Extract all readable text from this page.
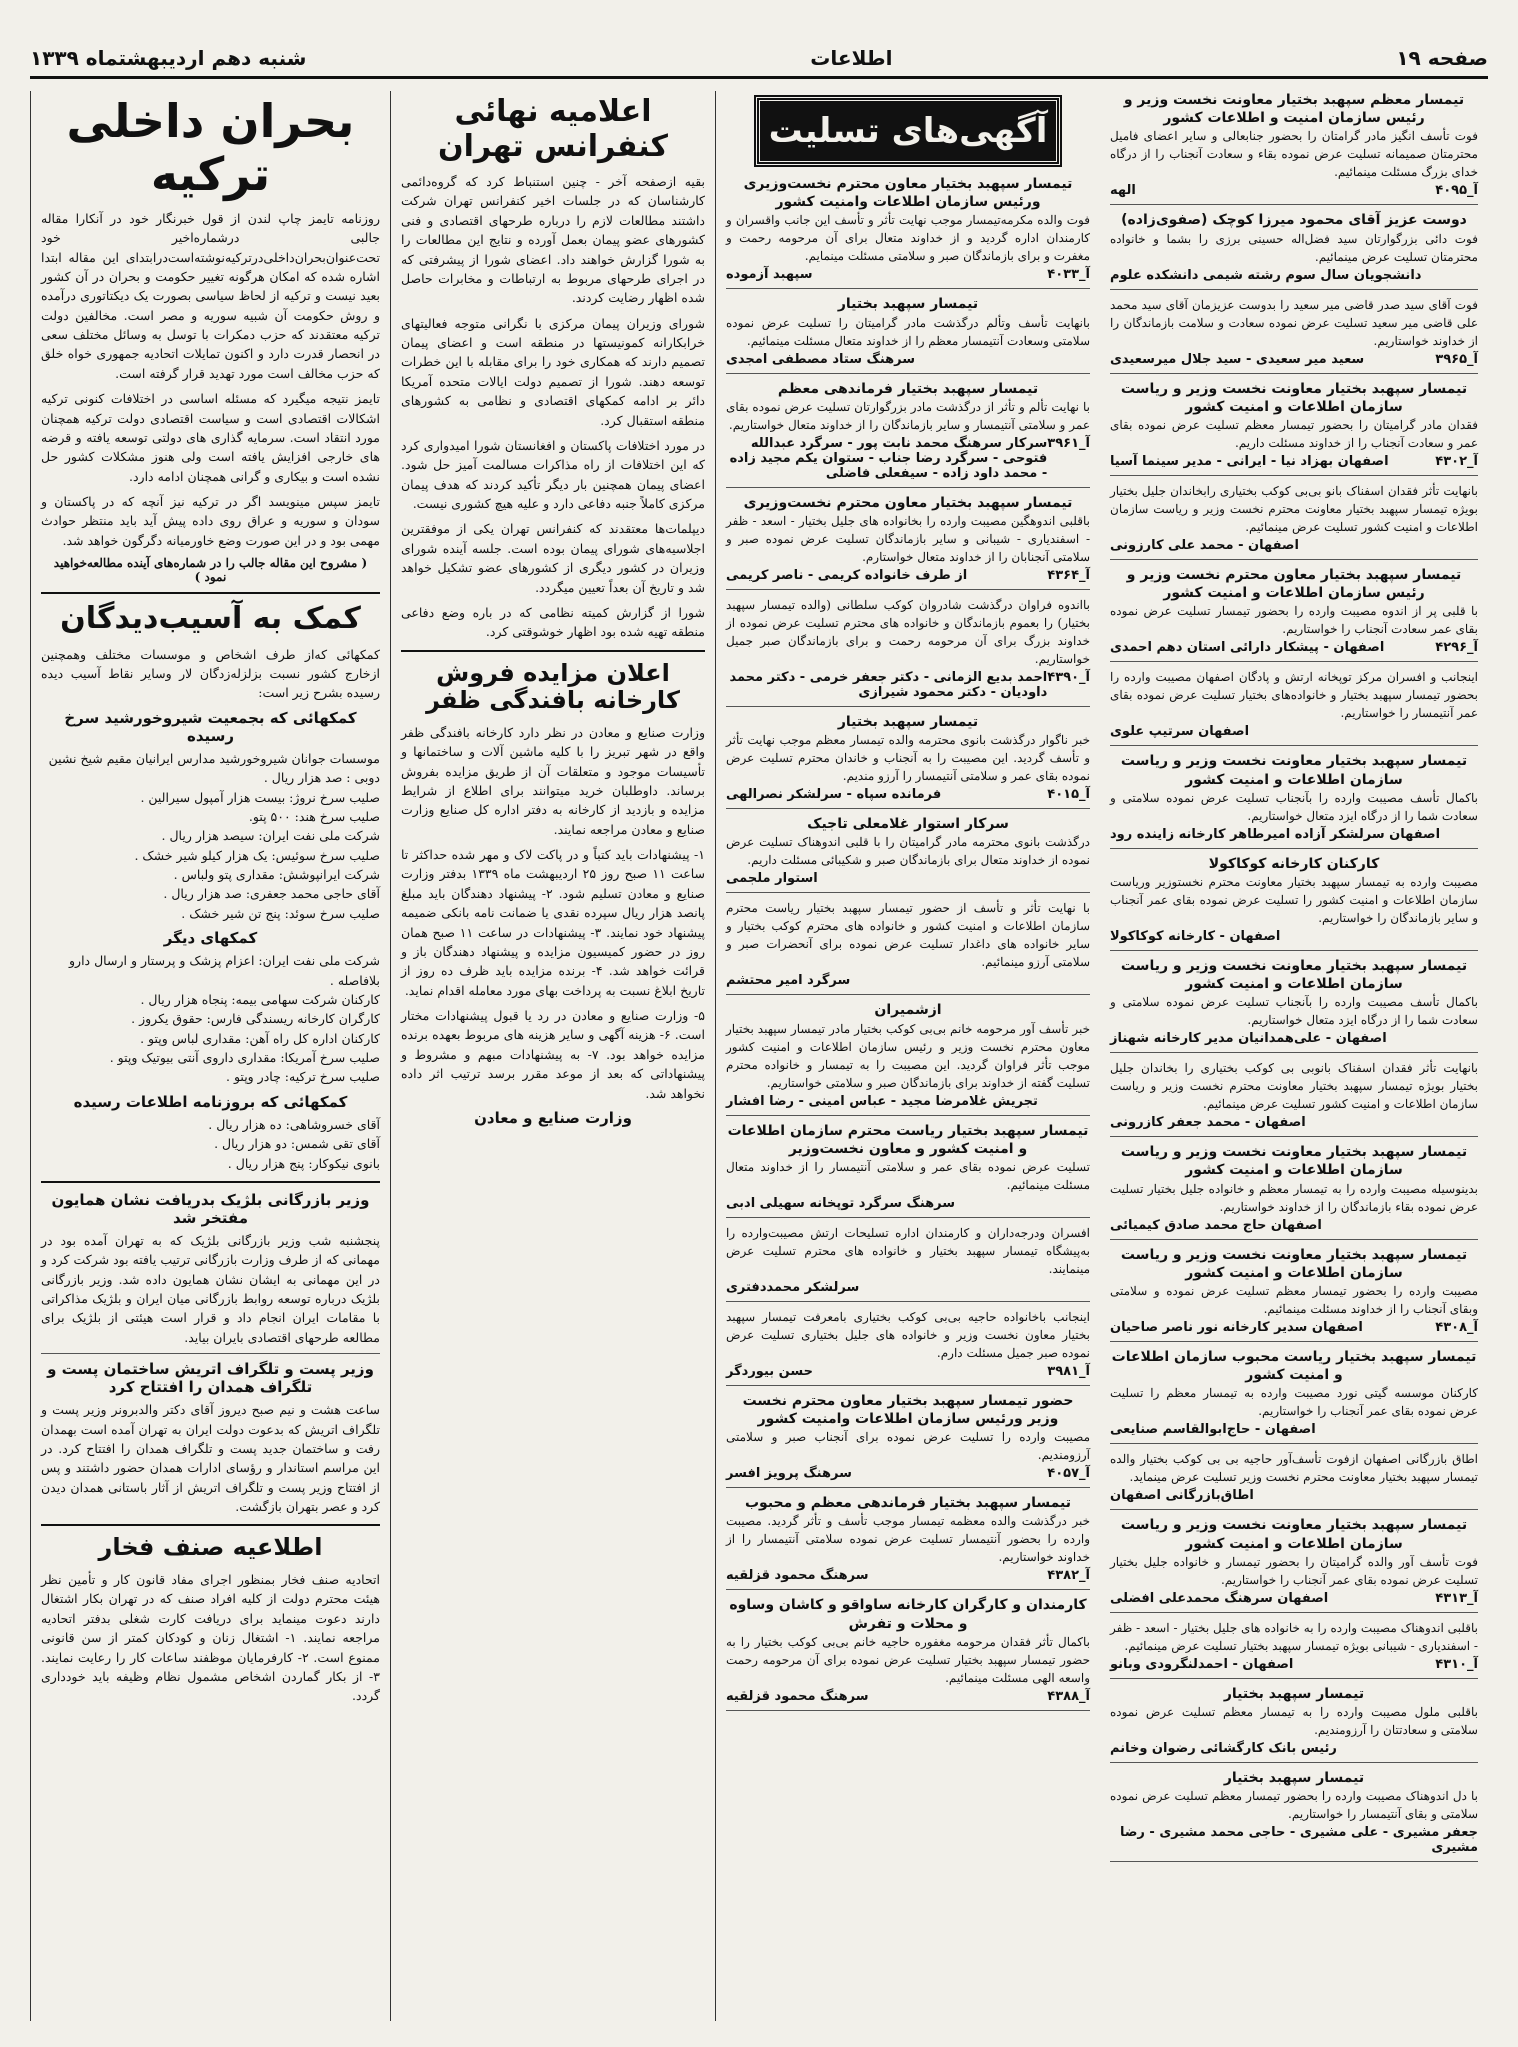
صفحه ۱۹
اطلاعات
شنبه دهم اردیبهشتماه ۱۳۳۹
بحران داخلی ترکیه

روزنامه تایمز چاپ لندن از قول خبرنگار خود در آنکارا مقاله جالبی درشماره‌اخیر خود تحت‌عنوان‌بحران‌داخلی‌درترکیه‌نوشته‌است‌درابتدای این مقاله ابتدا اشاره شده که امکان هرگونه تغییر حکومت و بحران در آن کشور بعید نیست و ترکیه از لحاظ سیاسی بصورت یک دیکتاتوری درآمده و روش حکومت آن شبیه سوریه و مصر است. مخالفین دولت ترکیه معتقدند که حزب دمکرات با توسل به وسائل مختلف سعی در انحصار قدرت دارد و اکنون تمایلات اتحادیه جمهوری خواه خلق که حزب مخالف است مورد تهدید قرار گرفته است.

تایمز نتیجه میگیرد که مسئله اساسی در اختلافات کنونی ترکیه اشکالات اقتصادی است و سیاست اقتصادی دولت ترکیه همچنان مورد انتقاد است. سرمایه گذاری های دولتی توسعه یافته و قرضه های خارجی افزایش یافته است ولی هنوز مشکلات کشور حل نشده است و بیکاری و گرانی همچنان ادامه دارد.

تایمز سپس مینویسد اگر در ترکیه نیز آنچه که در پاکستان و سودان و سوریه و عراق روی داده پیش آید باید منتظر حوادث مهمی بود و در این صورت وضع خاورمیانه دگرگون خواهد شد.

( مشروح این مقاله جالب را در شماره‌های آینده مطالعه‌خواهید نمود )
کمک به آسیب‌دیدگان

کمکهائی که‌از طرف اشخاص و موسسات مختلف وهمچنین ازخارج کشور نسبت بزلزله‌زدگان لار وسایر نقاط آسیب دیده رسیده بشرح زیر است:

کمکهائی که بجمعیت شیروخورشید سرخ رسیده
موسسات جوانان شیروخورشید مدارس ایرانیان مقیم شیخ نشین دوبی : صد هزار ریال .
صلیب سرخ نروژ: بیست هزار آمپول سیرالین .
صلیب سرخ هند: ۵۰۰ پتو.
شرکت ملی نفت ایران: سیصد هزار ریال .
صلیب سرخ سوئیس: یک هزار کیلو شیر خشک .
شرکت ایرانپوشش: مقداری پتو ولباس .
آقای حاجی محمد جعفری: صد هزار ریال .
صلیب سرخ سوئد: پنج تن شیر خشک .
کمکهای دیگر
شرکت ملی نفت ایران: اعزام پزشک و پرستار و ارسال دارو بلافاصله .
کارکنان شرکت سهامی بیمه: پنجاه هزار ریال .
کارگران کارخانه ریسندگی فارس: حقوق یکروز .
کارکنان اداره کل راه آهن: مقداری لباس وپتو .
صلیب سرخ آمریکا: مقداری داروی آنتی بیوتیک وپتو .
صلیب سرخ ترکیه: چادر وپتو .
کمکهائی که بروزنامه اطلاعات رسیده
آقای خسروشاهی: ده هزار ریال .
آقای تقی شمس: دو هزار ریال .
بانوی نیکوکار: پنج هزار ریال .
وزیر بازرگانی بلژیک بدریافت نشان همایون مفتخر شد

پنجشنبه شب وزیر بازرگانی بلژیک که به تهران آمده بود در مهمانی که از طرف وزارت بازرگانی ترتیب یافته بود شرکت کرد و در این مهمانی به ایشان نشان همایون داده شد. وزیر بازرگانی بلژیک درباره توسعه روابط بازرگانی میان ایران و بلژیک مذاکراتی با مقامات ایران انجام داد و قرار است هیئتی از بلژیک برای مطالعه طرحهای اقتصادی بایران بیاید.

وزیر پست و تلگراف اتریش ساختمان پست و تلگراف همدان را افتتاح کرد

ساعت هشت و نیم صبح دیروز آقای دکتر والدبرونر وزیر پست و تلگراف اتریش که بدعوت دولت ایران به تهران آمده است بهمدان رفت و ساختمان جدید پست و تلگراف همدان را افتتاح کرد. در این مراسم استاندار و رؤسای ادارات همدان حضور داشتند و پس از افتتاح وزیر پست و تلگراف اتریش از آثار باستانی همدان دیدن کرد و عصر بتهران بازگشت.

اطلاعیه صنف فخار

اتحادیه صنف فخار بمنظور اجرای مفاد قانون کار و تأمین نظر هیئت محترم دولت از کلیه افراد صنف که در تهران بکار اشتغال دارند دعوت مینماید برای دریافت کارت شغلی بدفتر اتحادیه مراجعه نمایند. ۱- اشتغال زنان و کودکان کمتر از سن قانونی ممنوع است. ۲- کارفرمایان موظفند ساعات کار را رعایت نمایند. ۳- از بکار گماردن اشخاص مشمول نظام وظیفه باید خودداری گردد.

اعلامیه نهائی کنفرانس تهران

بقیه ازصفحه آخر - چنین استنباط کرد که گروه‌دائمی کارشناسان که در جلسات اخیر کنفرانس تهران شرکت داشتند مطالعات لازم را درباره طرحهای اقتصادی و فنی کشورهای عضو پیمان بعمل آورده و نتایج این مطالعات را به شورا گزارش خواهند داد. اعضای شورا از پیشرفتی که در اجرای طرحهای مربوط به ارتباطات و مخابرات حاصل شده اظهار رضایت کردند.

شورای وزیران پیمان مرکزی با نگرانی متوجه فعالیتهای خرابکارانه کمونیستها در منطقه است و اعضای پیمان تصمیم دارند که همکاری خود را برای مقابله با این خطرات توسعه دهند. شورا از تصمیم دولت ایالات متحده آمریکا دائر بر ادامه کمکهای اقتصادی و نظامی به کشورهای منطقه استقبال کرد.

در مورد اختلافات پاکستان و افغانستان شورا امیدواری کرد که این اختلافات از راه مذاکرات مسالمت آمیز حل شود. اعضای پیمان همچنین بار دیگر تأکید کردند که هدف پیمان مرکزی کاملاً جنبه دفاعی دارد و علیه هیچ کشوری نیست.

دیپلمات‌ها معتقدند که کنفرانس تهران یکی از موفقترین اجلاسیه‌های شورای پیمان بوده است. جلسه آینده شورای وزیران در کشور دیگری از کشورهای عضو تشکیل خواهد شد و تاریخ آن بعداً تعیین میگردد.

شورا از گزارش کمیته نظامی که در باره وضع دفاعی منطقه تهیه شده بود اظهار خوشوقتی کرد.

اعلان مزایده فروش کارخانه بافندگی ظفر

وزارت صنایع و معادن در نظر دارد کارخانه بافندگی ظفر واقع در شهر تبریز را با کلیه ماشین آلات و ساختمانها و تأسیسات موجود و متعلقات آن از طریق مزایده بفروش برساند. داوطلبان خرید میتوانند برای اطلاع از شرایط مزایده و بازدید از کارخانه به دفتر اداره کل صنایع وزارت صنایع و معادن مراجعه نمایند.

۱- پیشنهادات باید کتباً و در پاکت لاک و مهر شده حداکثر تا ساعت ۱۱ صبح روز ۲۵ اردیبهشت ماه ۱۳۳۹ بدفتر وزارت صنایع و معادن تسلیم شود. ۲- پیشنهاد دهندگان باید مبلغ پانصد هزار ریال سپرده نقدی یا ضمانت نامه بانکی ضمیمه پیشنهاد خود نمایند. ۳- پیشنهادات در ساعت ۱۱ صبح همان روز در حضور کمیسیون مزایده و پیشنهاد دهندگان باز و قرائت خواهد شد. ۴- برنده مزایده باید ظرف ده روز از تاریخ ابلاغ نسبت به پرداخت بهای مورد معامله اقدام نماید.

۵- وزارت صنایع و معادن در رد یا قبول پیشنهادات مختار است. ۶- هزینه آگهی و سایر هزینه های مربوط بعهده برنده مزایده خواهد بود. ۷- به پیشنهادات مبهم و مشروط و پیشنهاداتی که بعد از موعد مقرر برسد ترتیب اثر داده نخواهد شد.

وزارت صنایع و معادن
آگهی‌های تسلیت
تیمسار سپهبد بختیار معاون محترم نخست‌وزیری ورئیس سازمان اطلاعات وامنیت کشور
فوت والده مکرمه‌تیمسار موجب نهایت تأثر و تأسف این جانب واقسران و کارمندان اداره گردید و از خداوند متعال برای آن مرحومه رحمت و مغفرت و برای بازماندگان صبر و سلامتی مسئلت مینمایم.
آ_۴۰۳۳
سپهبد آزموده
تیمسار سپهبد بختیار
بانهایت تأسف وتألم درگذشت مادر گرامیتان را تسلیت عرض نموده سلامتی وسعادت آنتیمسار معظم را از خداوند متعال مسئلت مینمائیم.
سرهنگ ستاد مصطفی امجدی
تیمسار سپهبد بختیار فرماندهی معظم
با نهایت تألم و تأثر از درگذشت مادر بزرگوارتان تسلیت عرض نموده بقای عمر و سلامتی آنتیمسار و سایر بازماندگان را از خداوند متعال خواستاریم.
آ_۳۹۶۱
سرکار سرهنگ محمد نابت پور - سرگرد عبدالله فتوحی - سرگرد رضا جناب - ستوان یکم مجید زاده - محمد داود زاده - سیفعلی فاضلی
تیمسار سپهبد بختیار معاون محترم نخست‌وزیری
باقلبی اندوهگین مصیبت وارده را بخانواده های جلیل بختیار - اسعد - ظفر - اسفندیاری - شیبانی و سایر بازماندگان تسلیت عرض نموده صبر و سلامتی آنجنابان را از خداوند متعال خواستارم.
آ_۴۳۶۴
از طرف خانواده کریمی - ناصر کریمی
بااندوه فراوان درگذشت شادروان کوکب سلطانی (والده تیمسار سپهبد بختیار) را بعموم بازماندگان و خانواده های محترم تسلیت عرض نموده از خداوند بزرگ برای آن مرحومه رحمت و برای بازماندگان صبر جمیل خواستاریم.
آ_۴۳۹۰
احمد بدیع الزمانی - دکتر جعفر خرمی - دکتر محمد داودیان - دکتر محمود شیرازی
تیمسار سپهبد بختیار
خبر ناگوار درگذشت بانوی محترمه والده تیمسار معظم موجب نهایت تأثر و تأسف گردید. این مصیبت را به آنجناب و خاندان محترم تسلیت عرض نموده بقای عمر و سلامتی آنتیمسار را آرزو مندیم.
آ_۴۰۱۵
فرمانده سپاه - سرلشکر نصرالهی
سرکار استوار غلامعلی تاجیک
درگذشت بانوی محترمه مادر گرامیتان را با قلبی اندوهناک تسلیت عرض نموده از خداوند متعال برای بازماندگان صبر و شکیبائی مسئلت داریم.
استوار ملجمی
با نهایت تأثر و تأسف از حضور تیمسار سپهبد بختیار ریاست محترم سازمان اطلاعات و امنیت کشور و خانواده های محترم کوکب بختیار و سایر خانواده های داغدار تسلیت عرض نموده برای آنحضرات صبر و سلامتی آرزو مینمائیم.
سرگرد امیر محتشم
ازشمیران
خبر تأسف آور مرحومه خانم بی‌بی کوکب بختیار مادر تیمسار سپهبد بختیار معاون محترم نخست وزیر و رئیس سازمان اطلاعات و امنیت کشور موجب تأثر فراوان گردید. این مصیبت را به تیمسار و خانواده محترم تسلیت گفته از خداوند برای بازماندگان صبر و سلامتی خواستاریم.
تجریش غلامرضا مجید - عباس امینی - رضا افشار
تیمسار سپهبد بختیار ریاست محترم سازمان اطلاعات و امنیت کشور و معاون نخست‌وزیر
تسلیت عرض نموده بقای عمر و سلامتی آنتیمسار را از خداوند متعال مسئلت مینمائیم.
سرهنگ سرگرد توپخانه سهیلی ادبی
افسران ودرجه‌داران و کارمندان اداره تسلیحات ارتش مصیبت‌وارده را به‌پیشگاه تیمسار سپهبد بختیار و خانواده های محترم تسلیت عرض مینمایند.
سرلشکر محمددفتری
اینجانب باخانواده حاجیه بی‌بی کوکب بختیاری بامعرفت تیمسار سپهبد بختیار معاون نخست وزیر و خانواده های جلیل بختیاری تسلیت عرض نموده صبر جمیل مسئلت دارم.
آ_۳۹۸۱
حسن بیوردگر
حضور تیمسار سپهبد بختیار معاون محترم نخست وزیر ورئیس سازمان اطلاعات وامنیت کشور
مصیبت وارده را تسلیت عرض نموده برای آنجناب صبر و سلامتی آرزومندیم.
آ_۴۰۵۷
سرهنگ پرویز افسر
تیمسار سپهبد بختیار فرماندهی معظم و محبوب
خبر درگذشت والده معظمه تیمسار موجب تأسف و تأثر گردید. مصیبت وارده را بحضور آنتیمسار تسلیت عرض نموده سلامتی آنتیمسار را از خداوند خواستاریم.
آ_۴۳۸۲
سرهنگ محمود قزلقیه
کارمندان و کارگران کارخانه ساواقو و کاشان وساوه و محلات و تفرش
باکمال تأثر فقدان مرحومه مغفوره حاجیه خانم بی‌بی کوکب بختیار را به حضور تیمسار سپهبد بختیار تسلیت عرض نموده برای آن مرحومه رحمت واسعه الهی مسئلت مینمائیم.
آ_۴۳۸۸
سرهنگ محمود قزلقیه
تیمسار معظم سپهبد بختیار معاونت نخست وزیر و رئیس سازمان امنیت و اطلاعات کشور
فوت تأسف انگیز مادر گرامتان را بحضور جنابعالی و سایر اعضای فامیل محترمتان صمیمانه تسلیت عرض نموده بقاء و سعادت آنجناب را از درگاه خدای بزرگ مسئلت مینمائیم.
آ_۴۰۹۵
الهه
دوست عزیز آقای محمود میرزا کوچک (صفوی‌زاده)
فوت دائی بزرگوارتان سید فضل‌اله حسینی برزی را بشما و خانواده محترمتان تسلیت عرض مینمائیم.
دانشجویان سال سوم رشته شیمی دانشکده علوم
فوت آقای سید صدر قاضی میر سعید را بدوست عزیزمان آقای سید محمد علی قاضی میر سعید تسلیت عرض نموده سعادت و سلامت بازماندگان را از خداوند خواستاریم.
آ_۳۹۶۵
سعید میر سعیدی - سید جلال میرسعیدی
تیمسار سپهبد بختیار معاونت نخست وزیر و ریاست سازمان اطلاعات و امنیت کشور
فقدان مادر گرامیتان را بحضور تیمسار معظم تسلیت عرض نموده بقای عمر و سعادت آنجناب را از خداوند مسئلت داریم.
آ_۴۳۰۲
اصفهان بهزاد نیا - ایرانی - مدیر سینما آسیا
بانهایت تأثر فقدان اسفناک بانو بی‌بی کوکب بختیاری رابخاندان جلیل بختیار بویژه تیمسار سپهبد بختیار معاونت محترم نخست وزیر و ریاست سازمان اطلاعات و امنیت کشور تسلیت عرض مینمائیم.
اصفهان - محمد علی کارزونی
تیمسار سپهبد بختیار معاون محترم نخست وزیر و رئیس سازمان اطلاعات و امنیت کشور
با قلبی پر از اندوه مصیبت وارده را بحضور تیمسار تسلیت عرض نموده بقای عمر سعادت آنجناب را خواستاریم.
آ_۴۲۹۶
اصفهان - پیشکار دارائی استان دهم احمدی
اینجانب و افسران مرکز توپخانه ارتش و پادگان اصفهان مصیبت وارده را بحضور تیمسار سپهبد بختیار و خانواده‌های بختیار تسلیت عرض نموده بقای عمر آنتیمسار را خواستاریم.
اصفهان سرتیپ علوی
تیمسار سپهبد بختیار معاونت نخست وزیر و ریاست سازمان اطلاعات و امنیت کشور
باکمال تأسف مصیبت وارده را بآنجناب تسلیت عرض نموده سلامتی و سعادت شما را از درگاه ایزد متعال خواستاریم.
اصفهان سرلشکر آزاده امیرطاهر کارخانه زاینده رود
کارکنان کارخانه کوکاکولا
مصیبت وارده به تیمسار سپهبد بختیار معاونت محترم نخستوزیر وریاست سازمان اطلاعات و امنیت کشور را تسلیت عرض نموده بقای عمر آنجناب و سایر بازماندگان را خواستاریم.
اصفهان - کارخانه کوکاکولا
تیمسار سپهبد بختیار معاونت نخست وزیر و ریاست سازمان اطلاعات و امنیت کشور
باکمال تأسف مصیبت وارده را بآنجناب تسلیت عرض نموده سلامتی و سعادت شما را از درگاه ایزد متعال خواستاریم.
اصفهان - علی‌همدانیان مدیر کارخانه شهناز
بانهایت تأثر فقدان اسفناک بانوبی بی کوکب بختیاری را بخاندان جلیل بختیار بویژه تیمسار سپهبد بختیار معاونت محترم نخست وزیر و ریاست سازمان اطلاعات و امنیت کشور تسلیت عرض مینمائیم.
اصفهان - محمد جعفر کازرونی
تیمسار سپهبد بختیار معاونت نخست وزیر و ریاست سازمان اطلاعات و امنیت کشور
بدینوسیله مصیبت وارده را به تیمسار معظم و خانواده جلیل بختیار تسلیت عرض نموده بقاء بازماندگان را از خداوند خواستاریم.
اصفهان حاج محمد صادق کیمیائی
تیمسار سپهبد بختیار معاونت نخست وزیر و ریاست سازمان اطلاعات و امنیت کشور
مصیبت وارده را بحضور تیمسار معظم تسلیت عرض نموده و سلامتی وبقای آنجناب را از خداوند مسئلت مینمائیم.
آ_۴۳۰۸
اصفهان سدیر کارخانه نور ناصر صاحیان
تیمسار سپهبد بختیار ریاست محبوب سازمان اطلاعات و امنیت کشور
کارکنان موسسه گیتی نورد مصیبت وارده به تیمسار معظم را تسلیت عرض نموده بقای عمر آنجناب را خواستاریم.
اصفهان - حاج‌ابوالقاسم صنایعی
اطاق بازرگانی اصفهان ازفوت تأسف‌آور حاجیه بی بی کوکب بختیار والده تیمسار سپهبد بختیار معاونت محترم نخست وزیر تسلیت عرض مینماید.
اطاق‌بازرگانی اصفهان
تیمسار سپهبد بختیار معاونت نخست وزیر و ریاست سازمان اطلاعات و امنیت کشور
فوت تأسف آور والده گرامیتان را بحضور تیمسار و خانواده جلیل بختیار تسلیت عرض نموده بقای عمر آنجناب را خواستاریم.
آ_۴۳۱۳
اصفهان سرهنگ محمدعلی افضلی
باقلبی اندوهناک مصیبت وارده را به خانواده های جلیل بختیار - اسعد - ظفر - اسفندیاری - شیبانی بویژه تیمسار سپهبد بختیار تسلیت عرض مینمائیم.
آ_۴۳۱۰
اصفهان - احمدلنگرودی وبانو
تیمسار سپهبد بختیار
باقلبی ملول مصیبت وارده را به تیمسار معظم تسلیت عرض نموده سلامتی و سعادتتان را آرزومندیم.
رئیس بانک کارگشائی رضوان وخانم
تیمسار سپهبد بختیار
با دل اندوهناک مصیبت وارده را بحضور تیمسار معظم تسلیت عرض نموده سلامتی و بقای آنتیمسار را خواستاریم.
جعفر مشیری - علی مشیری - حاجی محمد مشیری - رضا مشیری
